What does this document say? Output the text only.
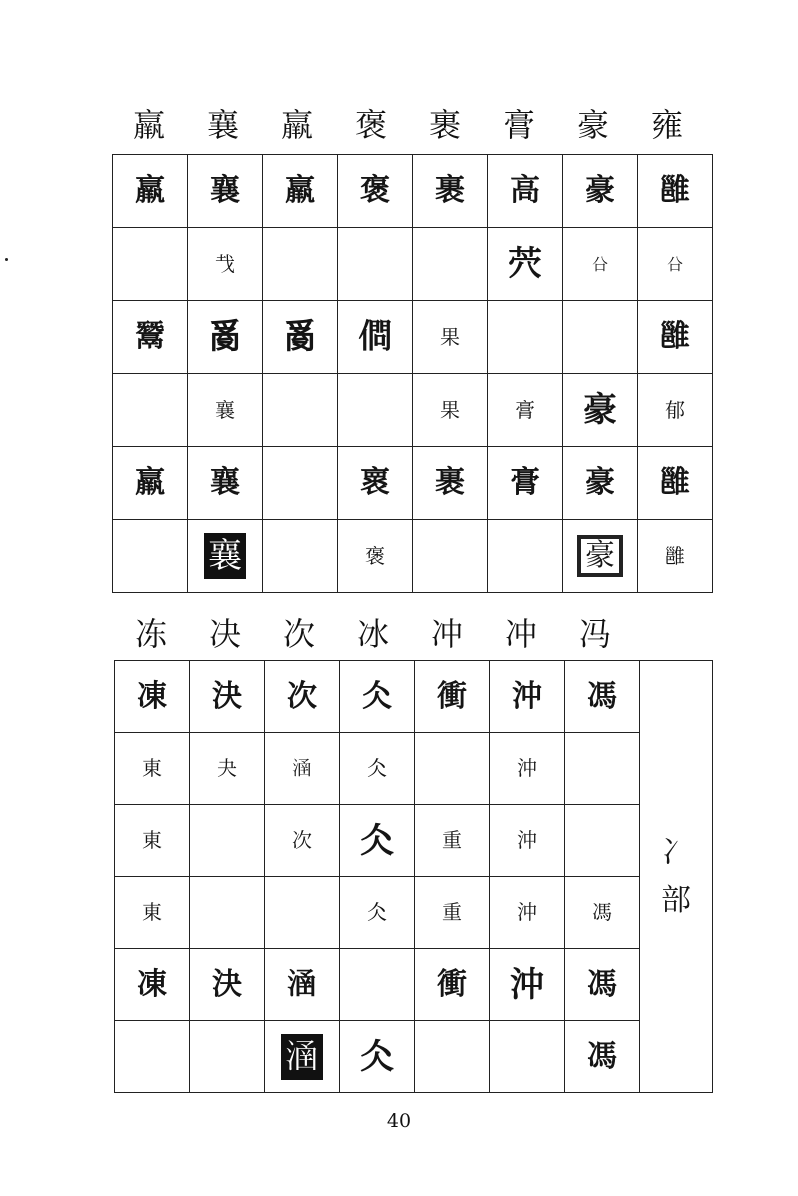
羸	襄	羸	褒	裹	膏	豪	雍
羸	襄	羸	褒	裹	高	豪	雝
	𢦏				茓	㕣	㕣
鬵	𤔔	𤔔	𠍒	果			雝
	襄			果	膏	豪	郁
羸	襄		褱	裹	膏	豪	雝
	襄		褒			豪	雝
冻	决	次	冰	冲	冲	冯
凍	決	次	仌	衝	沖	馮	冫
部

東	夬	𣹢	仌		沖		
東		次	仌	重	沖		
東			仌	重	沖	馮	
凍	決	𣹢		衝	沖	馮	
		𣹢	仌			馮	
40
